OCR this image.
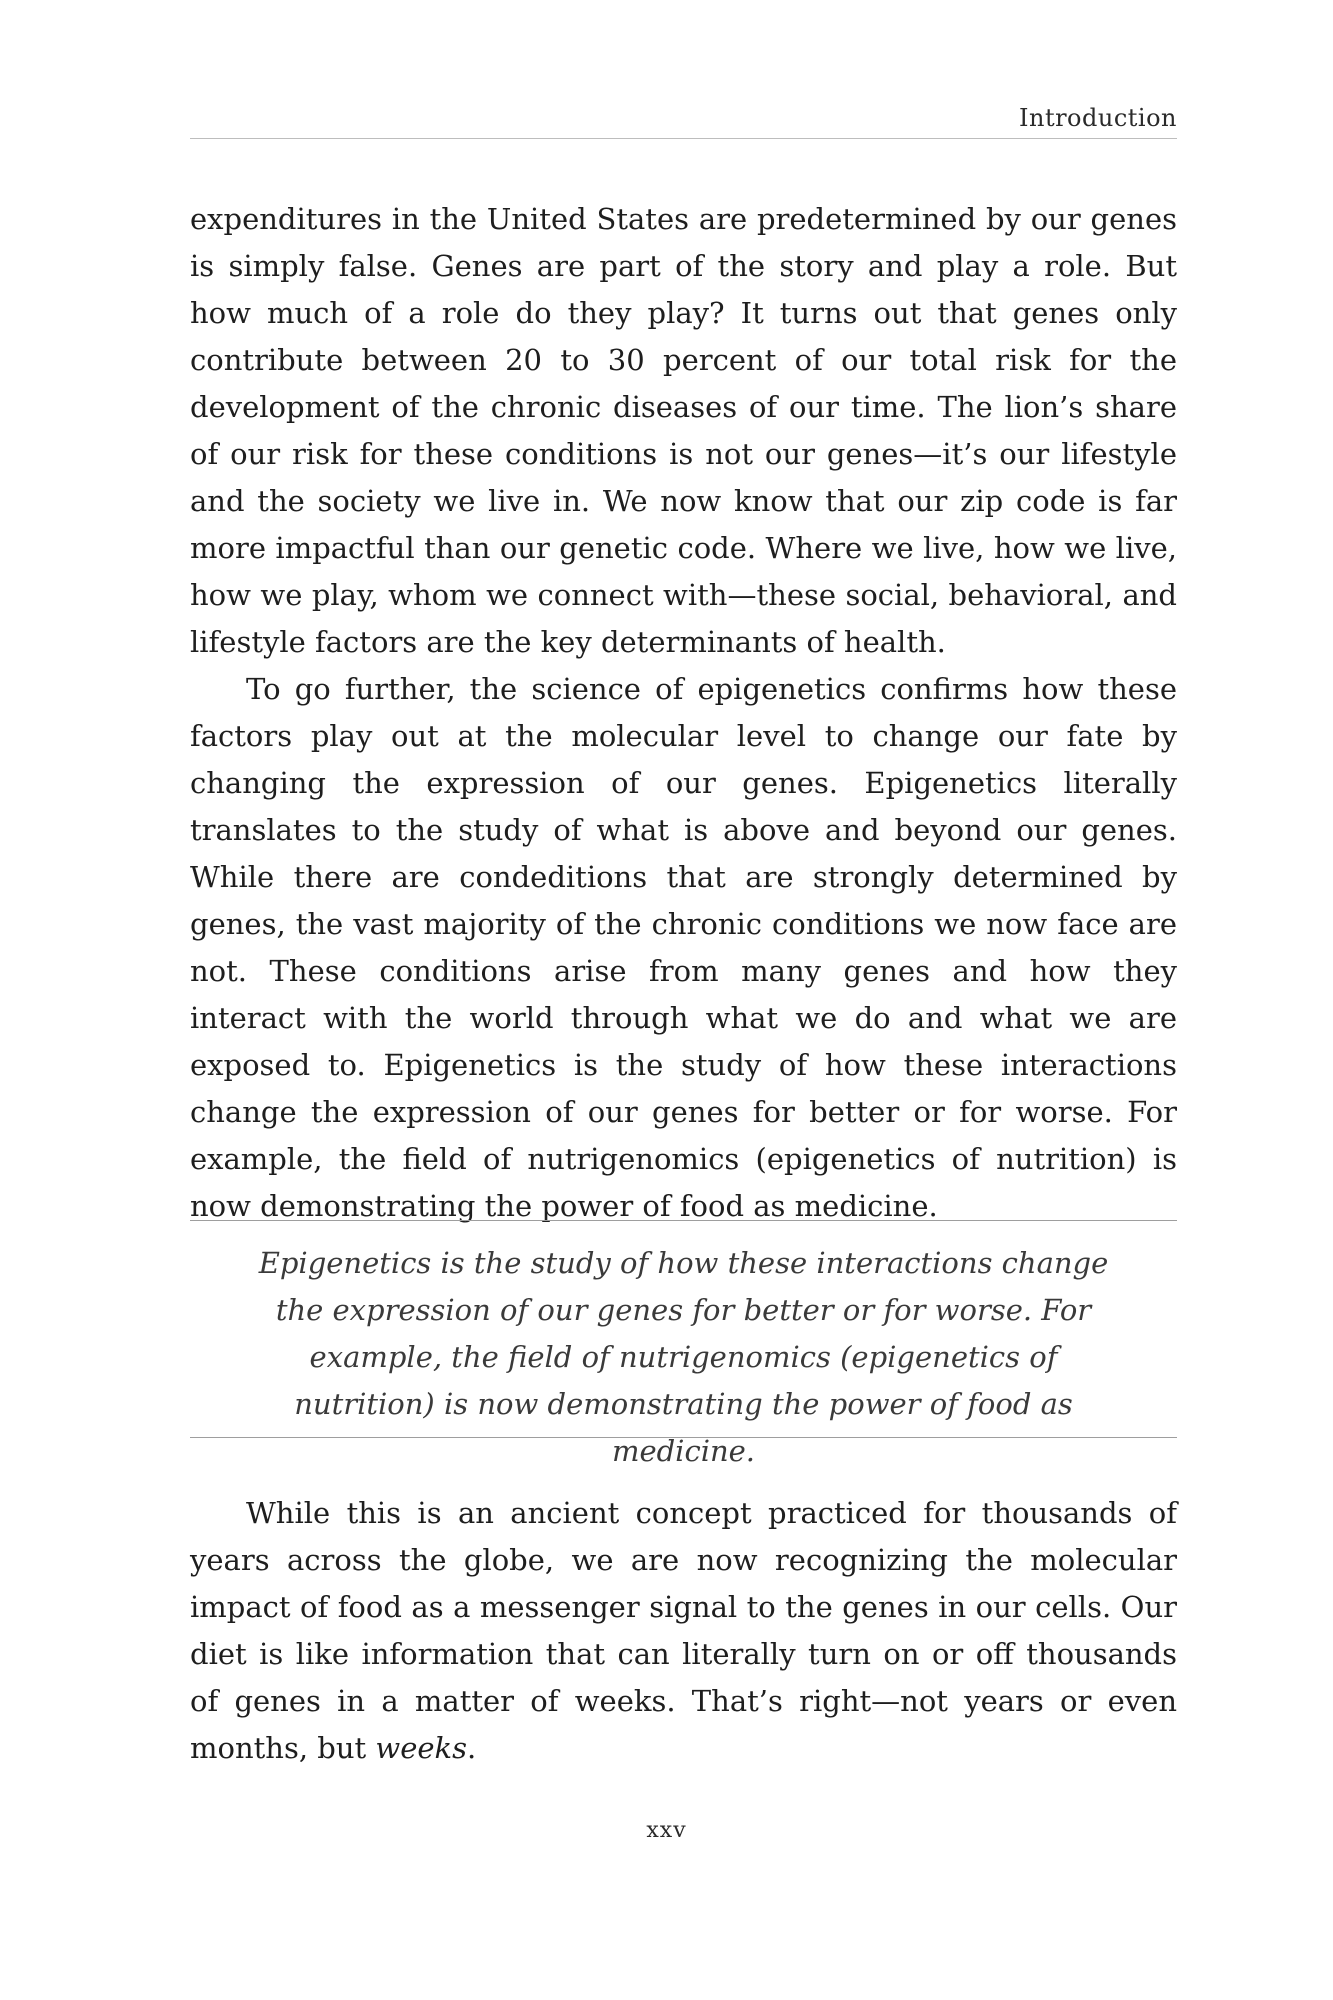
Introduction

expenditures in the United States are predetermined by our genes is simply false. Genes are part of the story and play a role. But how much of a role do they play? It turns out that genes only contribute between 20 to 30 percent of our total risk for the development of the chronic diseases of our time. The lion’s share of our risk for these conditions is not our genes—it’s our lifestyle and the society we live in. We now know that our zip code is far more impactful than our genetic code. Where we live, how we live, how we play, whom we connect with—these social, behavioral, and lifestyle factors are the key determinants of health.

To go further, the science of epigenetics confirms how these factors play out at the molecular level to change our fate by changing the expression of our genes. Epigenetics literally translates to the study of what is above and beyond our genes. While there are condeditions that are strongly determined by genes, the vast majority of the chronic conditions we now face are not. These conditions arise from many genes and how they interact with the world through what we do and what we are exposed to. Epigenetics is the study of how these interactions change the expression of our genes for better or for worse. For example, the field of nutrigenomics (epigenetics of nutrition) is now demonstrating the power of food as medicine.

Epigenetics is the study of how these interactions change the expression of our genes for better or for worse. For example, the field of nutrigenomics (epigenetics of nutrition) is now demonstrating the power of food as medicine.

While this is an ancient concept practiced for thousands of years across the globe, we are now recognizing the molecular impact of food as a messenger signal to the genes in our cells. Our diet is like information that can literally turn on or off thousands of genes in a matter of weeks. That’s right—not years or even months, but weeks.

xxv
